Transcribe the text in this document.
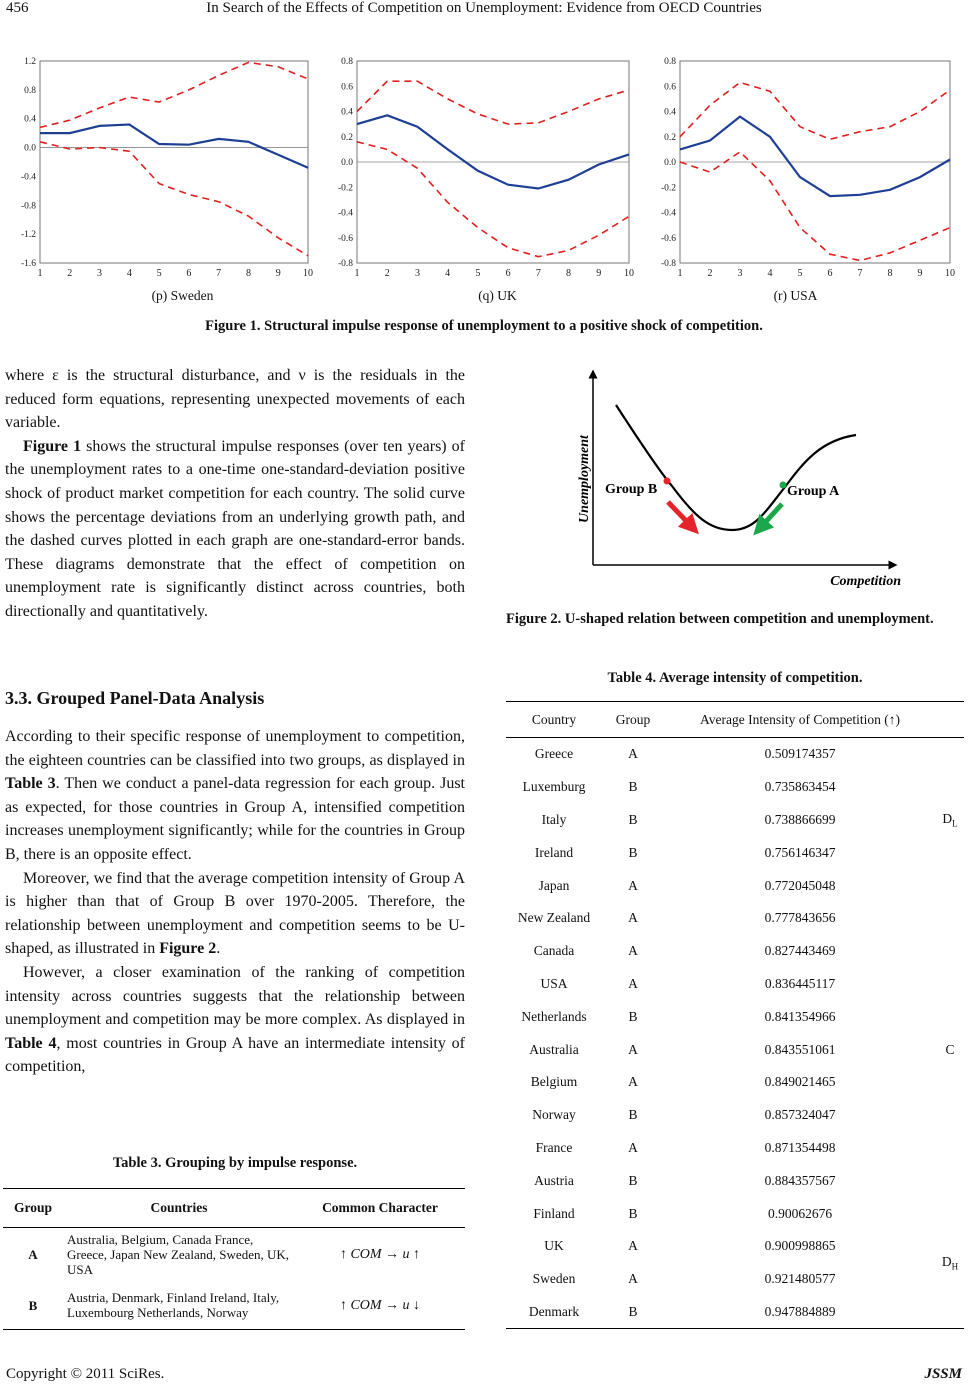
456	In Search of the Effects of Competition on Unemployment: Evidence from OECD Countries
1.2
0.8
0.4
0.0
-0.4
-0.8
-1.2
-1.6
1 2 3 4 5 6 7 8 9 10
0.8
0.6
0.4
0.2
0.0
-0.2
-0.4
-0.6
-0.8
1	2	3	4	5	6	7	8	9 10
0.8
0.6
0.4
0.2
0.0
-0.2
-0.4
-0.6
-0.8
1	2	3	4	5	6	7	8	9 10
(p) Sweden	(q) UK	(r) USA
Figure 1. Structural impulse response of unemployment to a positive shock of competition.

where ε is the structural disturbance, and ν is the residuals in the reduced form equations, representing unexpected movements of each variable.

Figure 1 shows the structural impulse responses (over ten years) of the unemployment rates to a one-time one-standard-deviation positive shock of product market competition for each country. The solid curve shows the percentage deviations from an underlying growth path, and the dashed curves plotted in each graph are one-standard-error bands. These diagrams demonstrate that the effect of competition on unemployment rate is significantly distinct across countries, both directionally and quantitatively.

3.3. Grouped Panel-Data Analysis

According to their specific response of unemployment to competition, the eighteen countries can be classified into two groups, as displayed in Table 3. Then we conduct a panel-data regression for each group. Just as expected, for those countries in Group A, intensified competition increases unemployment significantly; while for the countries in Group B, there is an opposite effect.

Moreover, we find that the average competition intensity of Group A is higher than that of Group B over 1970-2005. Therefore, the relationship between unemployment and competition seems to be U-shaped, as illustrated in Figure 2.

However, a closer examination of the ranking of competition intensity across countries suggests that the relationship between unemployment and competition may be more complex. As displayed in Table 4, most countries in Group A have an intermediate intensity of competition,

Table 3. Grouping by impulse response.
Group	Countries	Common Character
A	Australia, Belgium, Canada France, Greece, Japan New Zealand, Sweden, UK, USA	↑ COM → u ↑
B	Austria, Denmark, Finland Ireland, Italy, Luxembourg Netherlands, Norway	↑ COM → u ↓
Group B	Group A
Unemployment
Competition
Figure 2. U-shaped relation between competition and unemployment.
Table 4. Average intensity of competition.
Country	Group	Average Intensity of Competition (↑)	
Greece	A	0.509174357	$D_L$
Luxemburg	B	0.735863454	
Italy	B	0.738866699	
Ireland	B	0.756146347	
Japan	A	0.772045048	
New Zealand	A	0.777843656	C
Canada	A	0.827443469	
USA	A	0.836445117	
Netherlands	B	0.841354966	
Australia	A	0.843551061	
Belgium	A	0.849021465	
Norway	B	0.857324047	
France	A	0.871354498	
Austria	B	0.884357567	
Finland	B	0.90062676	$D_H$
UK	A	0.900998865	
Sweden	A	0.921480577	
Denmark	B	0.947884889	
Copyright © 2011 SciRes.	JSSM
